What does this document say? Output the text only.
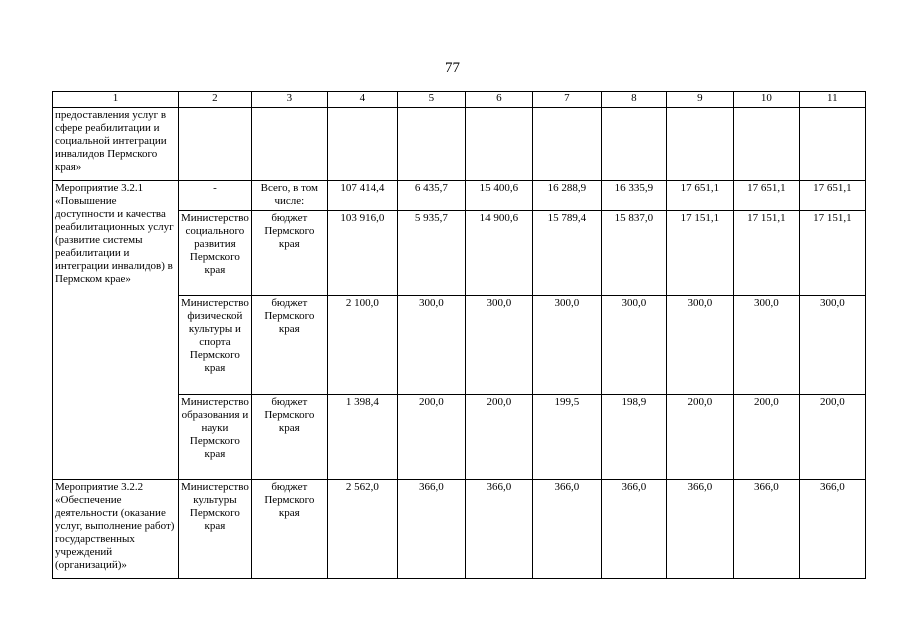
77
1	2	3	4	5	6	7	8	9	10	11
предоставления услуг в сфере реабилитации и социальной интеграции инвалидов Пермского края»										
Мероприятие 3.2.1 «Повышение доступности и качества реабилитационных услуг (развитие системы реабилитации и интеграции инвалидов) в Пермском крае»	-	Всего, в том числе:	107 414,4	6 435,7	15 400,6	16 288,9	16 335,9	17 651,1	17 651,1	17 651,1
	Министерство социального развития Пермского края	бюджет Пермского края	103 916,0	5 935,7	14 900,6	15 789,4	15 837,0	17 151,1	17 151,1	17 151,1
	Министерство физической культуры и спорта Пермского края	бюджет Пермского края	2 100,0	300,0	300,0	300,0	300,0	300,0	300,0	300,0
	Министерство образования и науки Пермского края	бюджет Пермского края	1 398,4	200,0	200,0	199,5	198,9	200,0	200,0	200,0
Мероприятие 3.2.2 «Обеспечение деятельности (оказание услуг, выполнение работ) государственных учреждений (организаций)»	Министерство культуры Пермского края	бюджет Пермского края	2 562,0	366,0	366,0	366,0	366,0	366,0	366,0	366,0
